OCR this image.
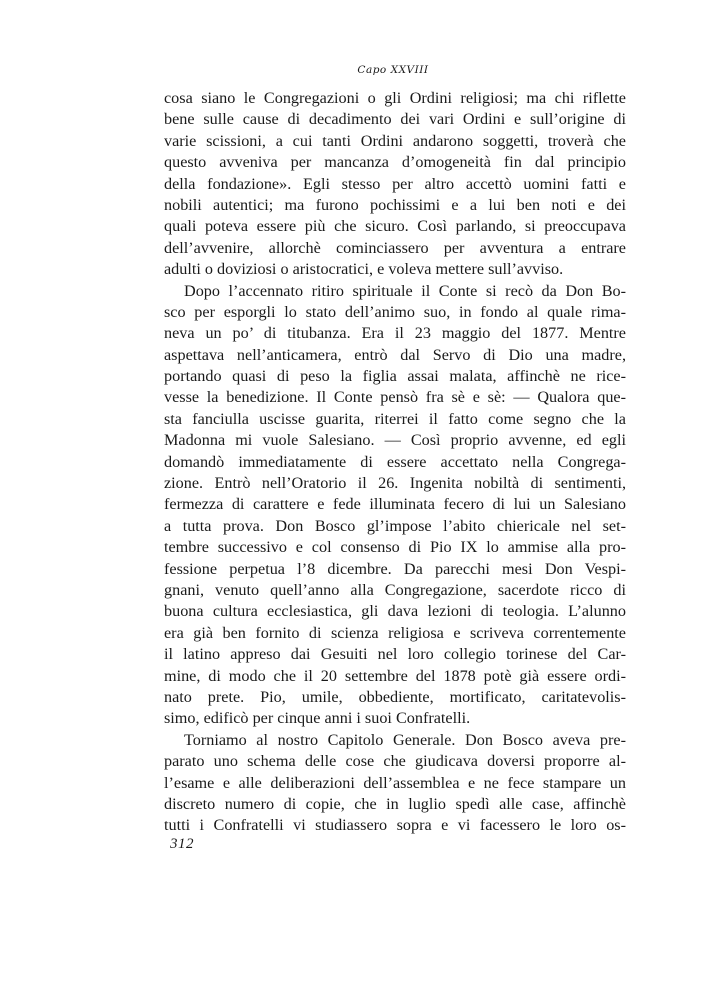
Capo XXVIII
cosa siano le Congregazioni o gli Ordini religiosi; ma chi riflette
bene sulle cause di decadimento dei vari Ordini e sull’origine di
varie scissioni, a cui tanti Ordini andarono soggetti, troverà che
questo avveniva per mancanza d’omogeneità fin dal principio
della fondazione». Egli stesso per altro accettò uomini fatti e
nobili autentici; ma furono pochissimi e a lui ben noti e dei
quali poteva essere più che sicuro. Così parlando, si preoccupava
dell’avvenire, allorchè cominciassero per avventura a entrare
adulti o doviziosi o aristocratici, e voleva mettere sull’avviso.
Dopo l’accennato ritiro spirituale il Conte si recò da Don Bo-
sco per esporgli lo stato dell’animo suo, in fondo al quale rima-
neva un po’ di titubanza. Era il 23 maggio del 1877. Mentre
aspettava nell’anticamera, entrò dal Servo di Dio una madre,
portando quasi di peso la figlia assai malata, affinchè ne rice-
vesse la benedizione. Il Conte pensò fra sè e sè: — Qualora que-
sta fanciulla uscisse guarita, riterrei il fatto come segno che la
Madonna mi vuole Salesiano. — Così proprio avvenne, ed egli
domandò immediatamente di essere accettato nella Congrega-
zione. Entrò nell’Oratorio il 26. Ingenita nobiltà di sentimenti,
fermezza di carattere e fede illuminata fecero di lui un Salesiano
a tutta prova. Don Bosco gl’impose l’abito chiericale nel set-
tembre successivo e col consenso di Pio IX lo ammise alla pro-
fessione perpetua l’8 dicembre. Da parecchi mesi Don Vespi-
gnani, venuto quell’anno alla Congregazione, sacerdote ricco di
buona cultura ecclesiastica, gli dava lezioni di teologia. L’alunno
era già ben fornito di scienza religiosa e scriveva correntemente
il latino appreso dai Gesuiti nel loro collegio torinese del Car-
mine, di modo che il 20 settembre del 1878 potè già essere ordi-
nato prete. Pio, umile, obbediente, mortificato, caritatevolis-
simo, edificò per cinque anni i suoi Confratelli.
Torniamo al nostro Capitolo Generale. Don Bosco aveva pre-
parato uno schema delle cose che giudicava doversi proporre al-
l’esame e alle deliberazioni dell’assemblea e ne fece stampare un
discreto numero di copie, che in luglio spedì alle case, affinchè
tutti i Confratelli vi studiassero sopra e vi facessero le loro os-
312
